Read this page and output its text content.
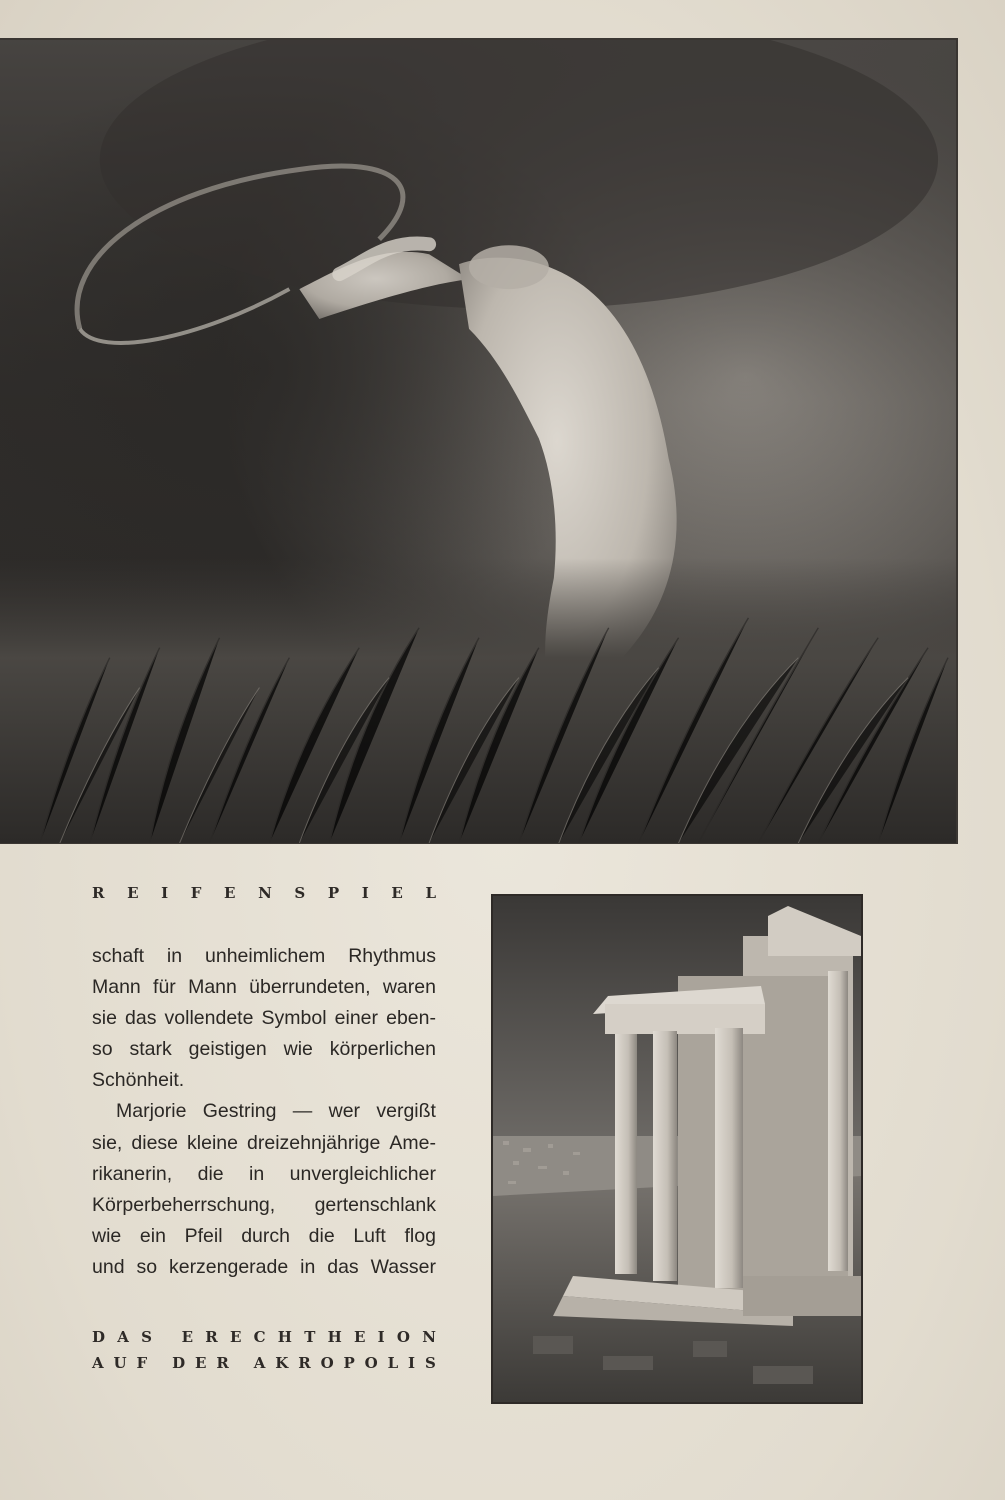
R E I F E N S P I E L
schaft in unheimlichem Rhythmus
Mann für Mann überrundeten, waren
sie das vollendete Symbol einer eben-
so stark geistigen wie körperlichen
Schönheit.
Marjorie Gestring — wer vergißt
sie, diese kleine dreizehnjährige Ame-
rikanerin, die in unvergleichlicher
Körperbeherrschung, gertenschlank
wie ein Pfeil durch die Luft flog
und so kerzengerade in das Wasser
D A S
E R E C H T H E I O N
A U F
D E R
A K R O P O L I S
